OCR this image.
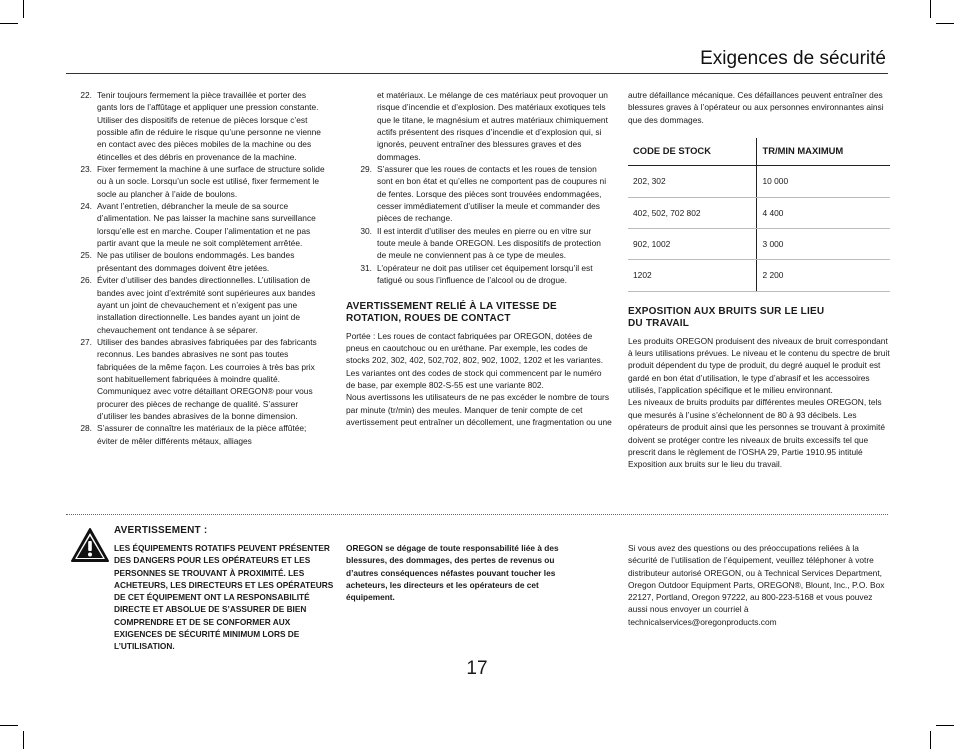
Exigences de sécurité
22. Tenir toujours fermement la pièce travaillée et porter des gants lors de l’affûtage et appliquer une pression constante. Utiliser des dispositifs de retenue de pièces lorsque c’est possible afin de réduire le risque qu’une personne ne vienne en contact avec des pièces mobiles de la machine ou des étincelles et des débris en provenance de la machine.
23. Fixer fermement la machine à une surface de structure solide ou à un socle. Lorsqu’un socle est utilisé, fixer fermement le socle au plancher à l’aide de boulons.
24. Avant l’entretien, débrancher la meule de sa source d’alimentation. Ne pas laisser la machine sans surveillance lorsqu’elle est en marche. Couper l’alimentation et ne pas partir avant que la meule ne soit complètement arrêtée.
25. Ne pas utiliser de boulons endommagés. Les bandes présentant des dommages doivent être jetées.
26. Éviter d’utiliser des bandes directionnelles. L’utilisation de bandes avec joint d’extrémité sont supérieures aux bandes ayant un joint de chevauchement et n’exigent pas une installation directionnelle. Les bandes ayant un joint de chevauchement ont tendance à se séparer.
27. Utiliser des bandes abrasives fabriquées par des fabricants reconnus. Les bandes abrasives ne sont pas toutes fabriquées de la même façon. Les courroies à très bas prix sont habituellement fabriquées à moindre qualité. Communiquez avec votre détaillant OREGON® pour vous procurer des pièces de rechange de qualité. S’assurer d’utiliser les bandes abrasives de la bonne dimension.
28. S’assurer de connaître les matériaux de la pièce affûtée; éviter de mêler différents métaux, alliages
et matériaux. Le mélange de ces matériaux peut provoquer un risque d’incendie et d’explosion. Des matériaux exotiques tels que le titane, le magnésium et autres matériaux chimiquement actifs présentent des risques d’incendie et d’explosion qui, si ignorés, peuvent entraîner des blessures graves et des dommages.
29. S’assurer que les roues de contacts et les roues de tension sont en bon état et qu’elles ne comportent pas de coupures ni de fentes. Lorsque des pièces sont trouvées endommagées, cesser immédiatement d’utiliser la meule et commander des pièces de rechange.
30. Il est interdit d’utiliser des meules en pierre ou en vitre sur toute meule à bande OREGON. Les dispositifs de protection de meule ne conviennent pas à ce type de meules.
31. L’opérateur ne doit pas utiliser cet équipement lorsqu’il est fatigué ou sous l’influence de l’alcool ou de drogue.
AVERTISSEMENT RELIÉ À LA VITESSE DE ROTATION, ROUES DE CONTACT

Portée : Les roues de contact fabriquées par OREGON, dotées de pneus en caoutchouc ou en uréthane. Par exemple, les codes de stocks 202, 302, 402, 502,702, 802, 902, 1002, 1202 et les variantes. Les variantes ont des codes de stock qui commencent par le numéro de base, par exemple 802-S-55 est une variante 802.

Nous avertissons les utilisateurs de ne pas excéder le nombre de tours par minute (tr/min) des meules. Manquer de tenir compte de cet avertissement peut entraîner un décollement, une fragmentation ou une

autre défaillance mécanique. Ces défaillances peuvent entraîner des blessures graves à l’opérateur ou aux personnes environnantes ainsi que des dommages.

CODE DE STOCK	TR/MIN MAXIMUM
202, 302	10 000
402, 502, 702 802	4 400
902, 1002	3 000
1202	2 200
EXPOSITION AUX BRUITS SUR LE LIEU DU TRAVAIL

Les produits OREGON produisent des niveaux de bruit correspondant à leurs utilisations prévues. Le niveau et le contenu du spectre de bruit produit dépendent du type de produit, du degré auquel le produit est gardé en bon état d’utilisation, le type d’abrasif et les accessoires utilisés, l’application spécifique et le milieu environnant.

Les niveaux de bruits produits par différentes meules OREGON, tels que mesurés à l’usine s’échelonnent de 80 à 93 décibels. Les opérateurs de produit ainsi que les personnes se trouvant à proximité doivent se protéger contre les niveaux de bruits excessifs tel que prescrit dans le règlement de l’OSHA 29, Partie 1910.95 intitulé Exposition aux bruits sur le lieu du travail.

AVERTISSEMENT :
LES ÉQUIPEMENTS ROTATIFS PEUVENT PRÉSENTER DES DANGERS POUR LES OPÉRATEURS ET LES PERSONNES SE TROUVANT À PROXIMITÉ. LES ACHETEURS, LES DIRECTEURS ET LES OPÉRATEURS DE CET ÉQUIPEMENT ONT LA RESPONSABILITÉ DIRECTE ET ABSOLUE DE S’ASSURER DE BIEN COMPRENDRE ET DE SE CONFORMER AUX EXIGENCES DE SÉCURITÉ MINIMUM LORS DE L’UTILISATION.
OREGON se dégage de toute responsabilité liée à des blessures, des dommages, des pertes de revenus ou d’autres conséquences néfastes pouvant toucher les acheteurs, les directeurs et les opérateurs de cet équipement.
Si vous avez des questions ou des préoccupations reliées à la sécurité de l’utilisation de l’équipement, veuillez téléphoner à votre distributeur autorisé OREGON, ou à Technical Services Department, Oregon Outdoor Equipment Parts, OREGON®, Blount, Inc., P.O. Box 22127, Portland, Oregon 97222, au 800-223-5168 et vous pouvez aussi nous envoyer un courriel à technicalservices@oregonproducts.com
17
